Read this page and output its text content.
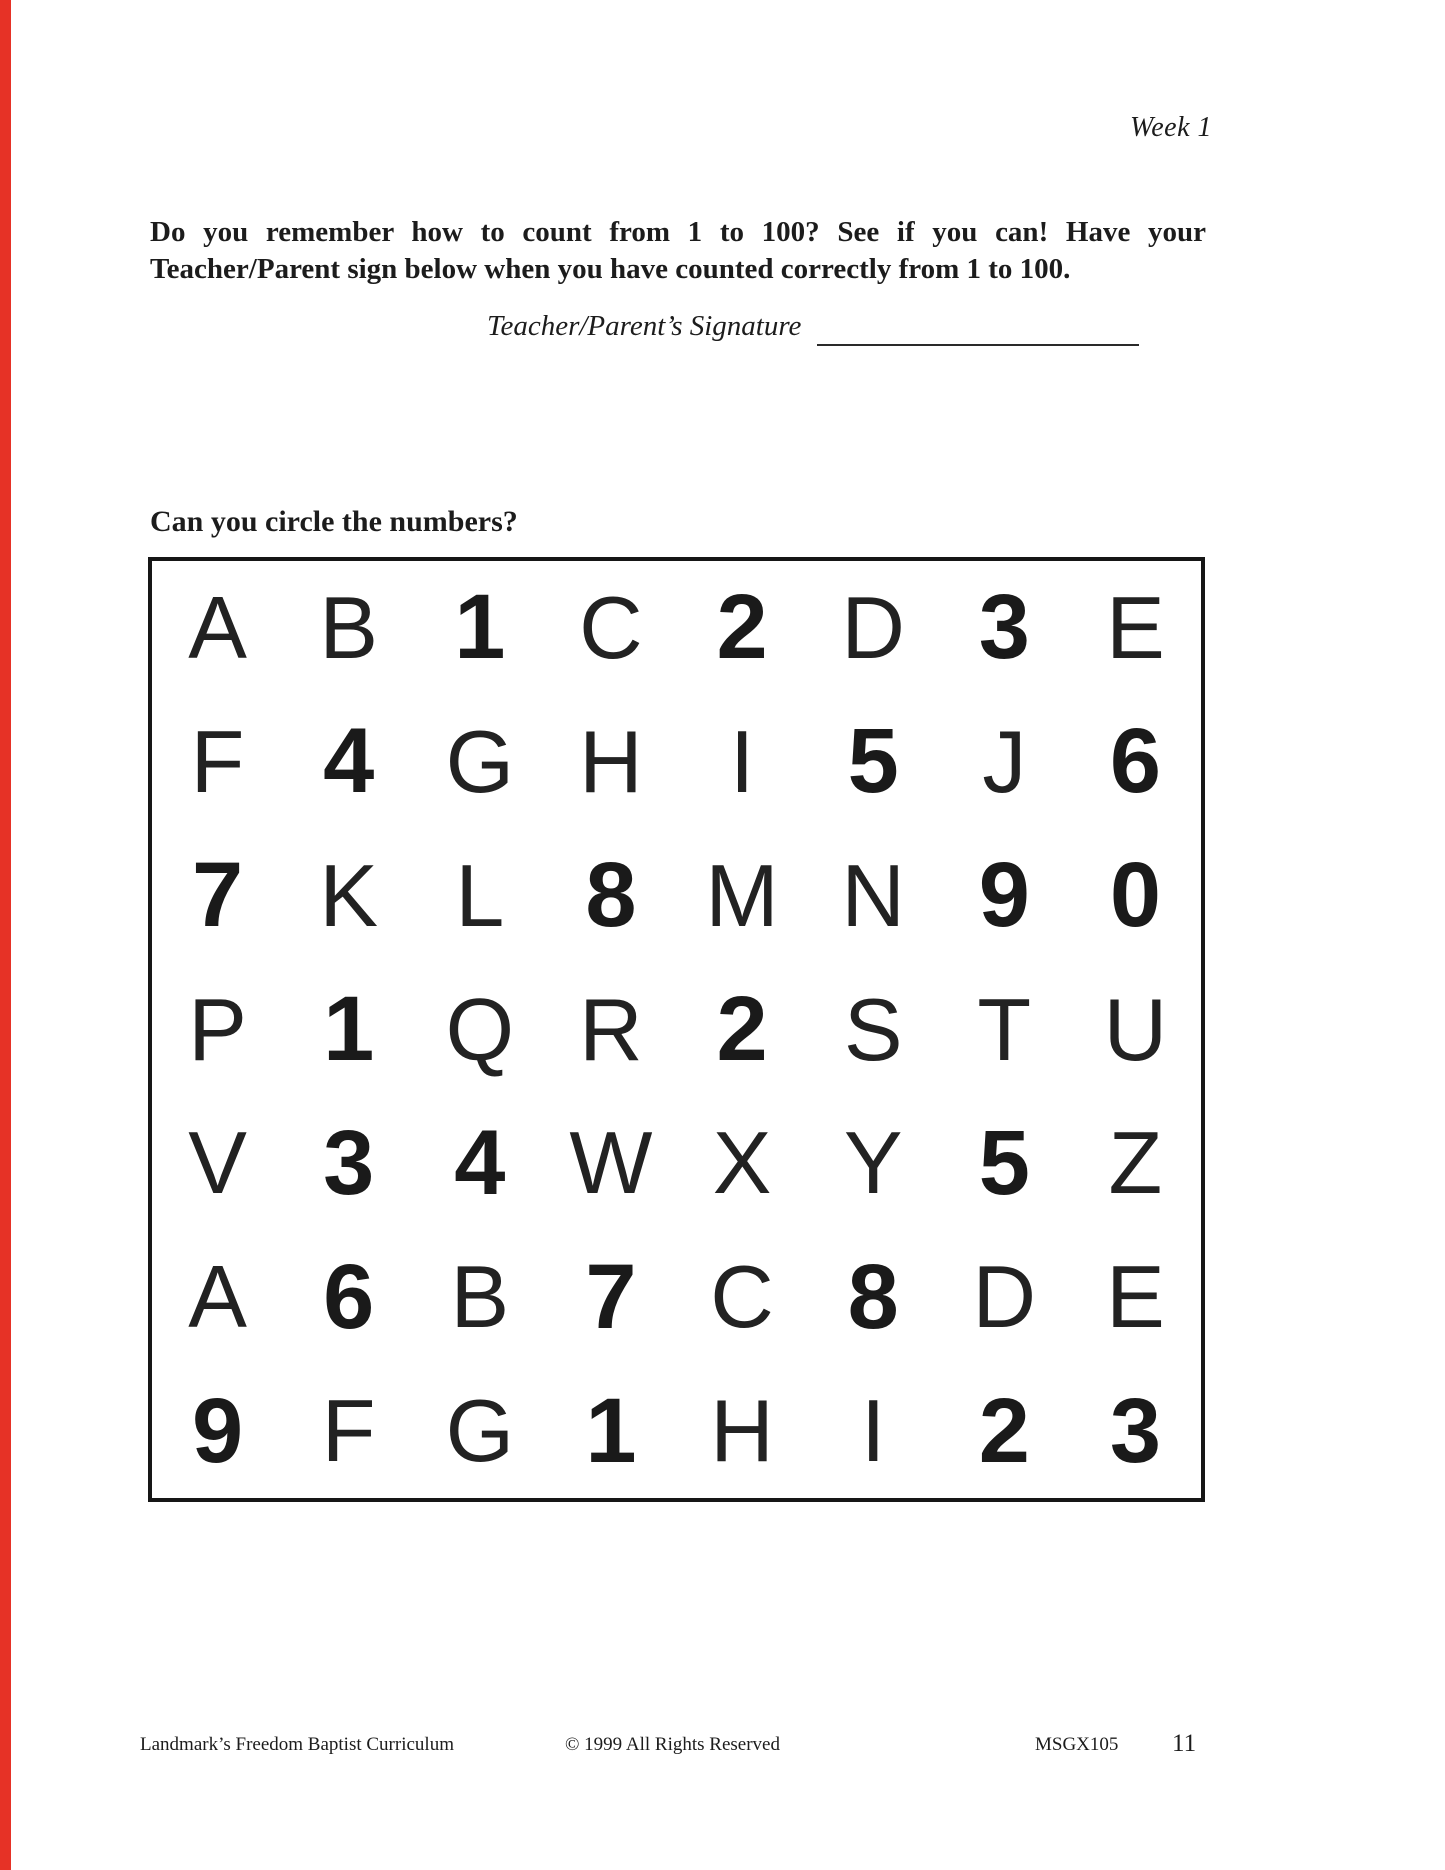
Week 1
Do you remember how to count from 1 to 100? See if you can! Have your
Teacher/Parent sign below when you have counted correctly from 1 to 100.
Teacher/Parent’s Signature
Can you circle the numbers?
A B 1 C 2 D 3 E
F 4 G H I	5 J 6
7 K L 8 M N 9 0
P 1 Q R 2 S T U
V 3 4 W X Y 5 Z
A 6 B 7 C 8 D E
9 F G 1 H I	2 3
Landmark’s Freedom Baptist Curriculum	© 1999 All Rights Reserved	MSGX105 11
